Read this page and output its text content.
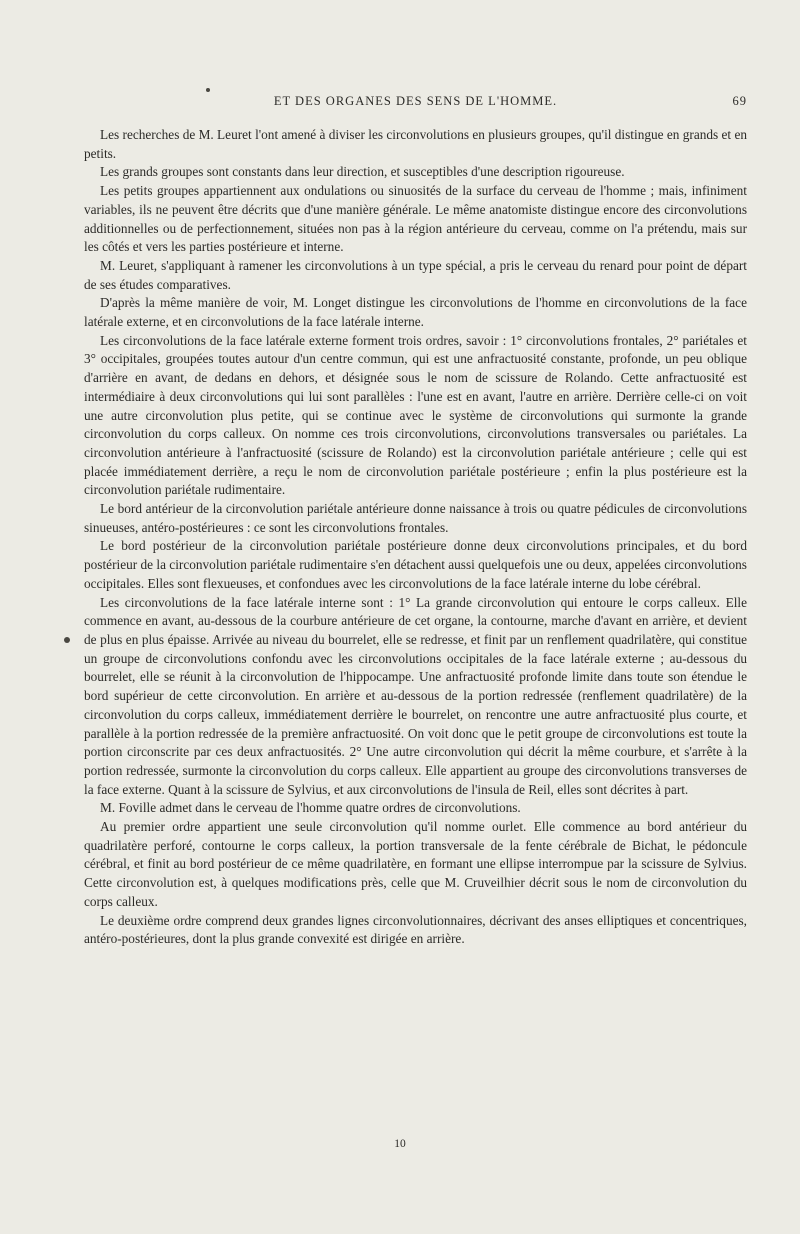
ET DES ORGANES DES SENS DE L'HOMME.	69

Les recherches de M. Leuret l'ont amené à diviser les circonvolutions en plusieurs groupes, qu'il distingue en grands et en petits.

Les grands groupes sont constants dans leur direction, et susceptibles d'une description rigoureuse.

Les petits groupes appartiennent aux ondulations ou sinuosités de la surface du cerveau de l'homme ; mais, infiniment variables, ils ne peuvent être décrits que d'une manière générale. Le même anatomiste distingue encore des circonvolutions additionnelles ou de perfectionnement, situées non pas à la région antérieure du cerveau, comme on l'a prétendu, mais sur les côtés et vers les parties postérieure et interne.

M. Leuret, s'appliquant à ramener les circonvolutions à un type spécial, a pris le cerveau du renard pour point de départ de ses études comparatives.

D'après la même manière de voir, M. Longet distingue les circonvolutions de l'homme en circonvolutions de la face latérale externe, et en circonvolutions de la face latérale interne.

Les circonvolutions de la face latérale externe forment trois ordres, savoir : 1° circonvolutions frontales, 2° pariétales et 3° occipitales, groupées toutes autour d'un centre commun, qui est une anfractuosité constante, profonde, un peu oblique d'arrière en avant, de dedans en dehors, et désignée sous le nom de scissure de Rolando. Cette anfractuosité est intermédiaire à deux circonvolutions qui lui sont parallèles : l'une est en avant, l'autre en arrière. Derrière celle-ci on voit une autre circonvolution plus petite, qui se continue avec le système de circonvolutions qui surmonte la grande circonvolution du corps calleux. On nomme ces trois circonvolutions, circonvolutions transversales ou pariétales. La circonvolution antérieure à l'anfractuosité (scissure de Rolando) est la circonvolution pariétale antérieure ; celle qui est placée immédiatement derrière, a reçu le nom de circonvolution pariétale postérieure ; enfin la plus postérieure est la circonvolution pariétale rudimentaire.

Le bord antérieur de la circonvolution pariétale antérieure donne naissance à trois ou quatre pédicules de circonvolutions sinueuses, antéro-postérieures : ce sont les circonvolutions frontales.

Le bord postérieur de la circonvolution pariétale postérieure donne deux circonvolutions principales, et du bord postérieur de la circonvolution pariétale rudimentaire s'en détachent aussi quelquefois une ou deux, appelées circonvolutions occipitales. Elles sont flexueuses, et confondues avec les circonvolutions de la face latérale interne du lobe cérébral.

Les circonvolutions de la face latérale interne sont : 1° La grande circonvolution qui entoure le corps calleux. Elle commence en avant, au-dessous de la courbure antérieure de cet organe, la contourne, marche d'avant en arrière, et devient de plus en plus épaisse. Arrivée au niveau du bourrelet, elle se redresse, et finit par un renflement quadrilatère, qui constitue un groupe de circonvolutions confondu avec les circonvolutions occipitales de la face latérale externe ; au-dessous du bourrelet, elle se réunit à la circonvolution de l'hippocampe. Une anfractuosité profonde limite dans toute son étendue le bord supérieur de cette circonvolution. En arrière et au-dessous de la portion redressée (renflement quadrilatère) de la circonvolution du corps calleux, immédiatement derrière le bourrelet, on rencontre une autre anfractuosité plus courte, et parallèle à la portion redressée de la première anfractuosité. On voit donc que le petit groupe de circonvolutions est toute la portion circonscrite par ces deux anfractuosités. 2° Une autre circonvolution qui décrit la même courbure, et s'arrête à la portion redressée, surmonte la circonvolution du corps calleux. Elle appartient au groupe des circonvolutions transverses de la face externe. Quant à la scissure de Sylvius, et aux circonvolutions de l'insula de Reil, elles sont décrites à part.

M. Foville admet dans le cerveau de l'homme quatre ordres de circonvolutions.

Au premier ordre appartient une seule circonvolution qu'il nomme ourlet. Elle commence au bord antérieur du quadrilatère perforé, contourne le corps calleux, la portion transversale de la fente cérébrale de Bichat, le pédoncule cérébral, et finit au bord postérieur de ce même quadrilatère, en formant une ellipse interrompue par la scissure de Sylvius. Cette circonvolution est, à quelques modifications près, celle que M. Cruveilhier décrit sous le nom de circonvolution du corps calleux.

Le deuxième ordre comprend deux grandes lignes circonvolutionnaires, décrivant des anses elliptiques et concentriques, antéro-postérieures, dont la plus grande convexité est dirigée en arrière.

10
